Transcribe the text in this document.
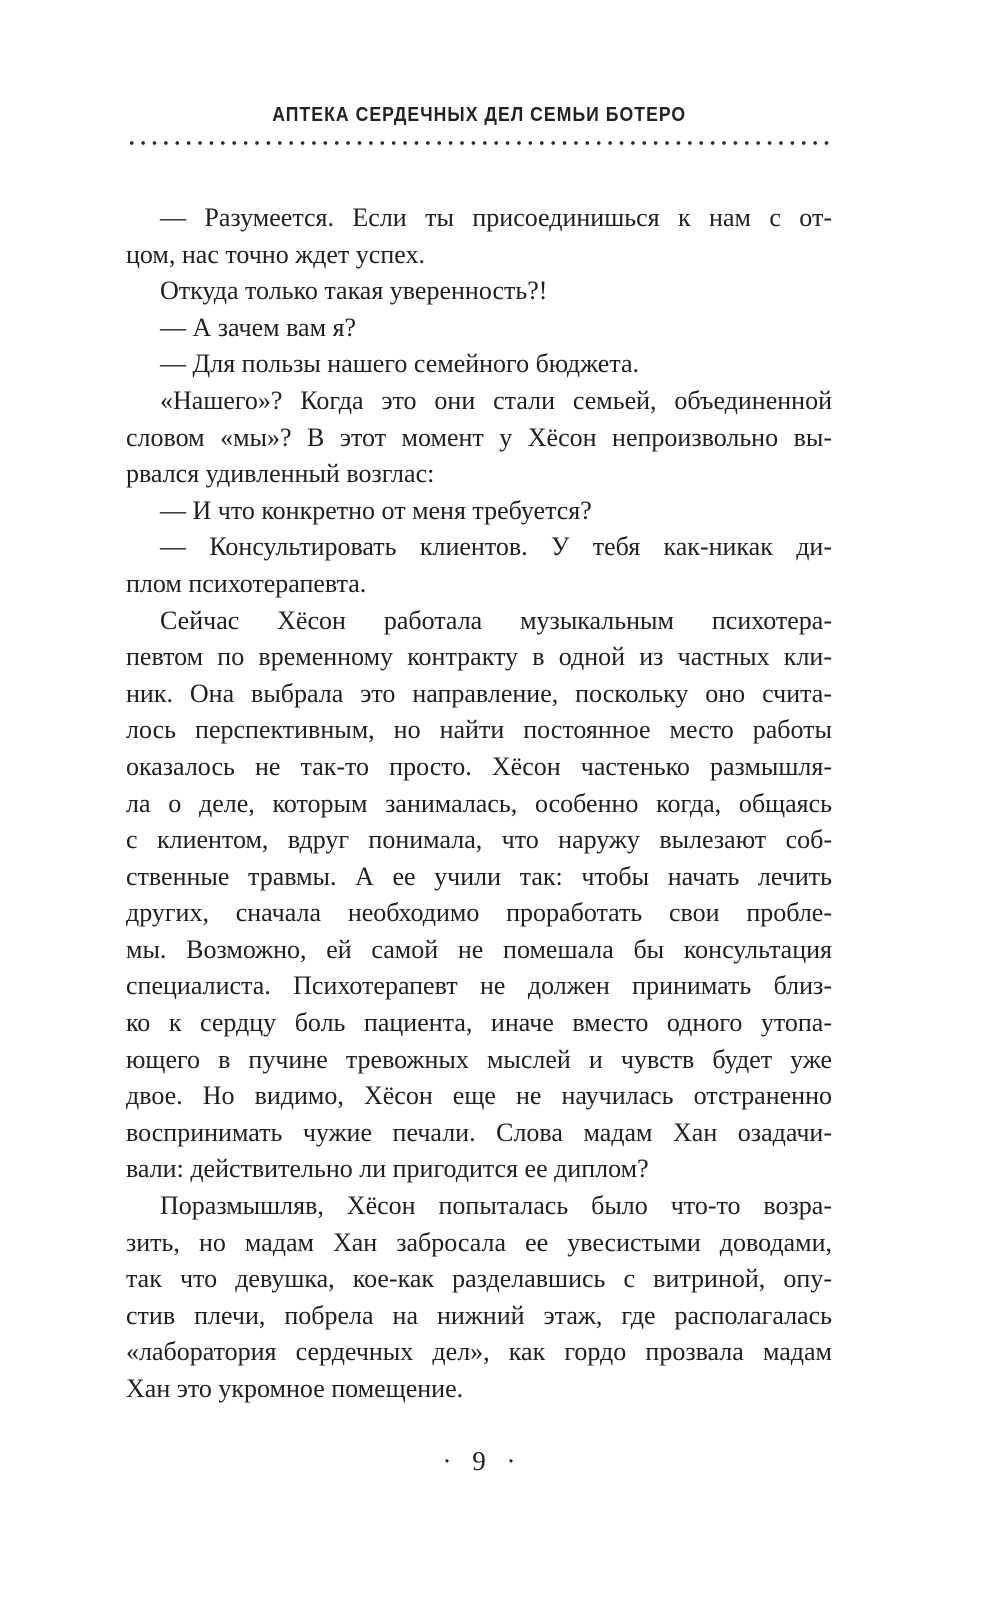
АПТЕКА СЕРДЕЧНЫХ ДЕЛ СЕМЬИ БОТЕРО

— Разумеется. Если ты присоединишься к нам с от-
цом, нас точно ждет успех.

Откуда только такая уверенность?!

— А зачем вам я?

— Для пользы нашего семейного бюджета.

«Нашего»? Когда это они стали семьей, объединенной
словом «мы»? В этот момент у Хёсон непроизвольно вы-
рвался удивленный возглас:

— И что конкретно от меня требуется?

— Консультировать клиентов. У тебя как-никак ди-
плом психотерапевта.

Сейчас Хёсон работала музыкальным психотера-
певтом по временному контракту в одной из частных кли-
ник. Она выбрала это направление, поскольку оно счита-
лось перспективным, но найти постоянное место работы
оказалось не так-то просто. Хёсон частенько размышля-
ла о деле, которым занималась, особенно когда, общаясь
с клиентом, вдруг понимала, что наружу вылезают соб-
ственные травмы. А ее учили так: чтобы начать лечить
других, сначала необходимо проработать свои пробле-
мы. Возможно, ей самой не помешала бы консультация
специалиста. Психотерапевт не должен принимать близ-
ко к сердцу боль пациента, иначе вместо одного утопа-
ющего в пучине тревожных мыслей и чувств будет уже
двое. Но видимо, Хёсон еще не научилась отстраненно
воспринимать чужие печали. Слова мадам Хан озадачи-
вали: действительно ли пригодится ее диплом?

Поразмышляв, Хёсон попыталась было что-то возра-
зить, но мадам Хан забросала ее увесистыми доводами,
так что девушка, кое-как разделавшись с витриной, опу-
стив плечи, побрела на нижний этаж, где располагалась
«лаборатория сердечных дел», как гордо прозвала мадам
Хан это укромное помещение.

· 9 ·
